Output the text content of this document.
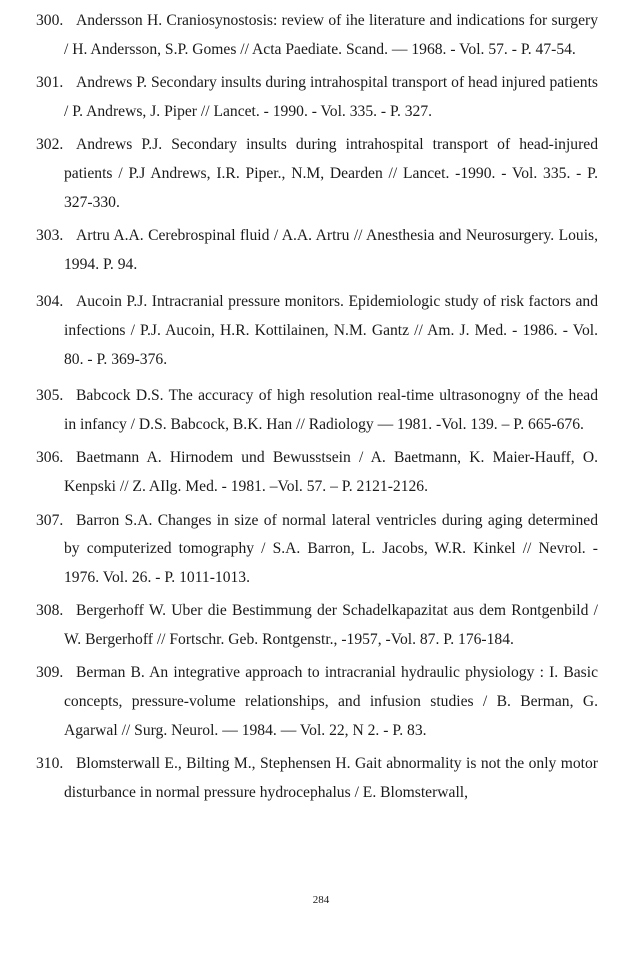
300. Andersson H. Craniosynostosis: review of ihe literature and indications for surgery / H. Andersson, S.P. Gomes // Acta Paediate. Scand. — 1968. - Vol. 57. - P. 47-54.
301. Andrews P. Secondary insults during intrahospital transport of head injured patients / P. Andrews, J. Piper // Lancet. - 1990. - Vol. 335. - P. 327.
302. Andrews P.J. Secondary insults during intrahospital transport of head-injured patients / P.J Andrews, I.R. Piper., N.M, Dearden // Lancet. -1990. - Vol. 335. - P. 327-330.
303. Artru A.A. Cerebrospinal fluid / A.A. Artru // Anesthesia and Neurosurgery. Louis, 1994. P. 94.
304. Aucoin P.J. Intracranial pressure monitors. Epidemiologic study of risk factors and infections / P.J. Aucoin, H.R. Kottilainen, N.M. Gantz // Am. J. Med. - 1986. - Vol. 80. - P. 369-376.
305. Babcock D.S. The accuracy of high resolution real-time ultrasonogny of the head in infancy / D.S. Babcock, B.K. Han // Radiology — 1981. -Vol. 139. – P. 665-676.
306. Baetmann A. Hirnodem und Bewusstsein / A. Baetmann, K. Maier-Hauff, O. Kenpski // Z. AIlg. Med. - 1981. –Vol. 57. – P. 2121-2126.
307. Barron S.A. Changes in size of normal lateral ventricles during aging determined by computerized tomography / S.A. Barron, L. Jacobs, W.R. Kinkel // Nevrol. - 1976. Vol. 26. - P. 1011-1013.
308. Bergerhoff W. Uber die Bestimmung der Schadelkapazitat aus dem Rontgenbild / W. Bergerhoff // Fortschr. Geb. Rontgenstr., -1957, -Vol. 87. P. 176-184.
309. Berman B. An integrative approach to intracranial hydraulic physiology : I. Basic concepts, pressure-volume relationships, and infusion studies / B. Berman, G. Agarwal // Surg. Neurol. — 1984. — Vol. 22, N 2. - P. 83.
310. Blomsterwall E., Bilting M., Stephensen H. Gait abnormality is not the only motor disturbance in normal pressure hydrocephalus / E. Blomsterwall,
284
